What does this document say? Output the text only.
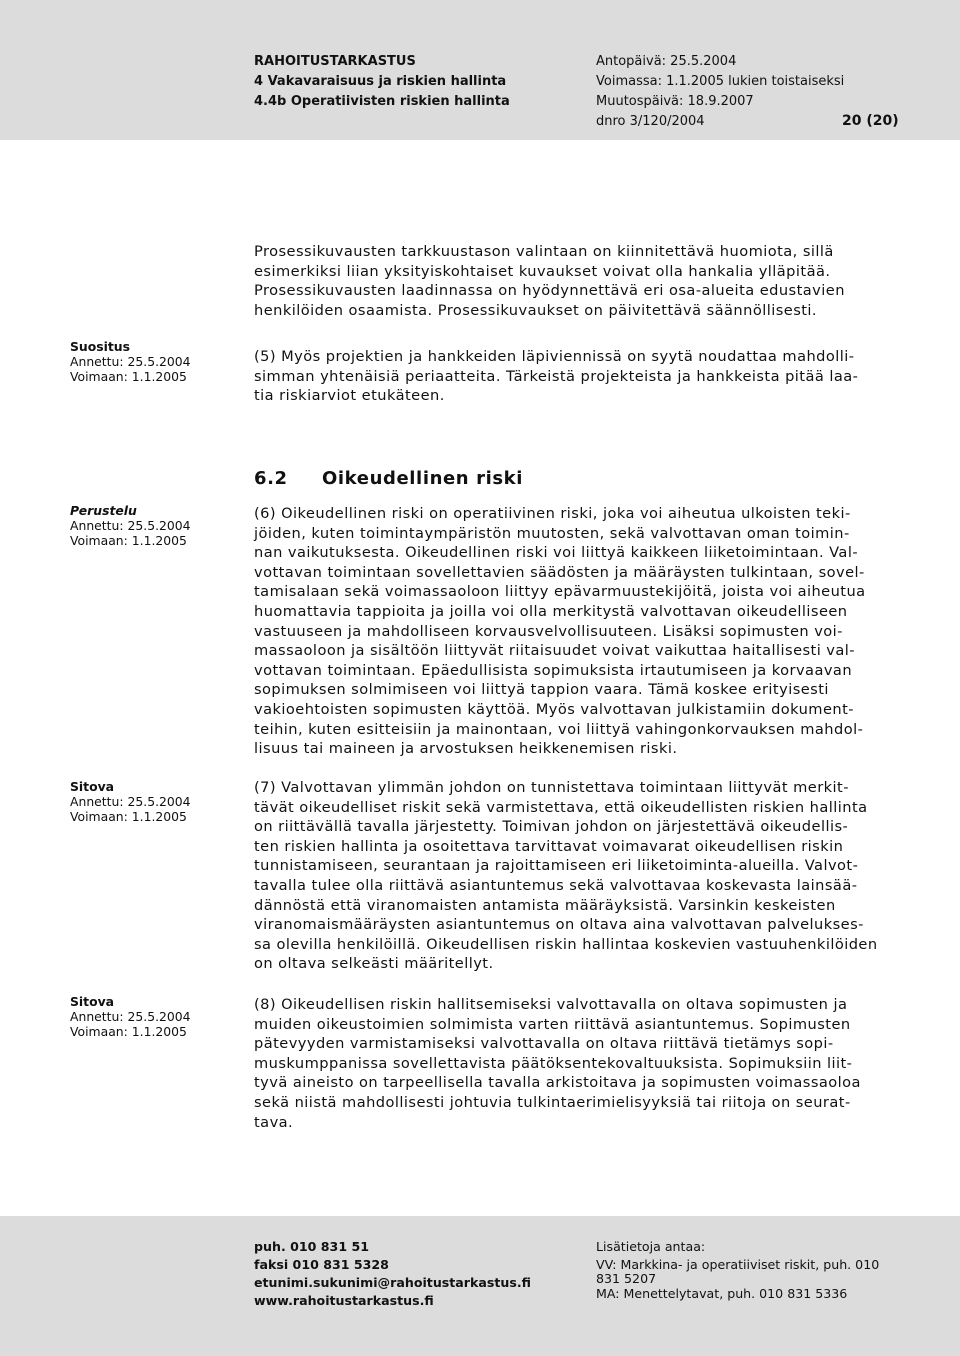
RAHOITUSTARKASTUS
4 Vakavaraisuus ja riskien hallinta
4.4b Operatiivisten riskien hallinta
Antopäivä: 25.5.2004
Voimassa: 1.1.2005 lukien toistaiseksi
Muutospäivä: 18.9.2007
dnro 3/120/2004	20 (20)
Prosessikuvausten tarkkuustason valintaan on kiinnitettävä huomiota, sillä
esimerkiksi liian yksityiskohtaiset kuvaukset voivat olla hankalia ylläpitää.
Prosessikuvausten laadinnassa on hyödynnettävä eri osa-alueita edustavien
henkilöiden osaamista. Prosessikuvaukset on päivitettävä säännöllisesti.
Suositus
Annettu: 25.5.2004
Voimaan: 1.1.2005
(5) Myös projektien ja hankkeiden läpiviennissä on syytä noudattaa mahdolli-
simman yhtenäisiä periaatteita. Tärkeistä projekteista ja hankkeista pitää laa-
tia riskiarviot etukäteen.
6.2 Oikeudellinen riski
Perustelu
Annettu: 25.5.2004
Voimaan: 1.1.2005
(6) Oikeudellinen riski on operatiivinen riski, joka voi aiheutua ulkoisten teki-
jöiden, kuten toimintaympäristön muutosten, sekä valvottavan oman toimin-
nan vaikutuksesta. Oikeudellinen riski voi liittyä kaikkeen liiketoimintaan. Val-
vottavan toimintaan sovellettavien säädösten ja määräysten tulkintaan, sovel-
tamisalaan sekä voimassaoloon liittyy epävarmuustekijöitä, joista voi aiheutua
huomattavia tappioita ja joilla voi olla merkitystä valvottavan oikeudelliseen
vastuuseen ja mahdolliseen korvausvelvollisuuteen. Lisäksi sopimusten voi-
massaoloon ja sisältöön liittyvät riitaisuudet voivat vaikuttaa haitallisesti val-
vottavan toimintaan. Epäedullisista sopimuksista irtautumiseen ja korvaavan
sopimuksen solmimiseen voi liittyä tappion vaara. Tämä koskee erityisesti
vakioehtoisten sopimusten käyttöä. Myös valvottavan julkistamiin dokument-
teihin, kuten esitteisiin ja mainontaan, voi liittyä vahingonkorvauksen mahdol-
lisuus tai maineen ja arvostuksen heikkenemisen riski.
Sitova
Annettu: 25.5.2004
Voimaan: 1.1.2005
(7) Valvottavan ylimmän johdon on tunnistettava toimintaan liittyvät merkit-
tävät oikeudelliset riskit sekä varmistettava, että oikeudellisten riskien hallinta
on riittävällä tavalla järjestetty. Toimivan johdon on järjestettävä oikeudellis-
ten riskien hallinta ja osoitettava tarvittavat voimavarat oikeudellisen riskin
tunnistamiseen, seurantaan ja rajoittamiseen eri liiketoiminta-alueilla. Valvot-
tavalla tulee olla riittävä asiantuntemus sekä valvottavaa koskevasta lainsää-
dännöstä että viranomaisten antamista määräyksistä. Varsinkin keskeisten
viranomaismääräysten asiantuntemus on oltava aina valvottavan palvelukses-
sa olevilla henkilöillä. Oikeudellisen riskin hallintaa koskevien vastuuhenkilöiden
on oltava selkeästi määritellyt.
Sitova
Annettu: 25.5.2004
Voimaan: 1.1.2005
(8) Oikeudellisen riskin hallitsemiseksi valvottavalla on oltava sopimusten ja
muiden oikeustoimien solmimista varten riittävä asiantuntemus. Sopimusten
pätevyyden varmistamiseksi valvottavalla on oltava riittävä tietämys sopi-
muskumppanissa sovellettavista päätöksentekovaltuuksista. Sopimuksiin liit-
tyvä aineisto on tarpeellisella tavalla arkistoitava ja sopimusten voimassaoloa
sekä niistä mahdollisesti johtuvia tulkintaerimielisyyksiä tai riitoja on seurat-
tava.
puh. 010 831 51
faksi 010 831 5328
etunimi.sukunimi@rahoitustarkastus.fi
www.rahoitustarkastus.fi
Lisätietoja antaa:
VV: Markkina- ja operatiiviset riskit, puh. 010
831 5207
MA: Menettelytavat, puh. 010 831 5336
